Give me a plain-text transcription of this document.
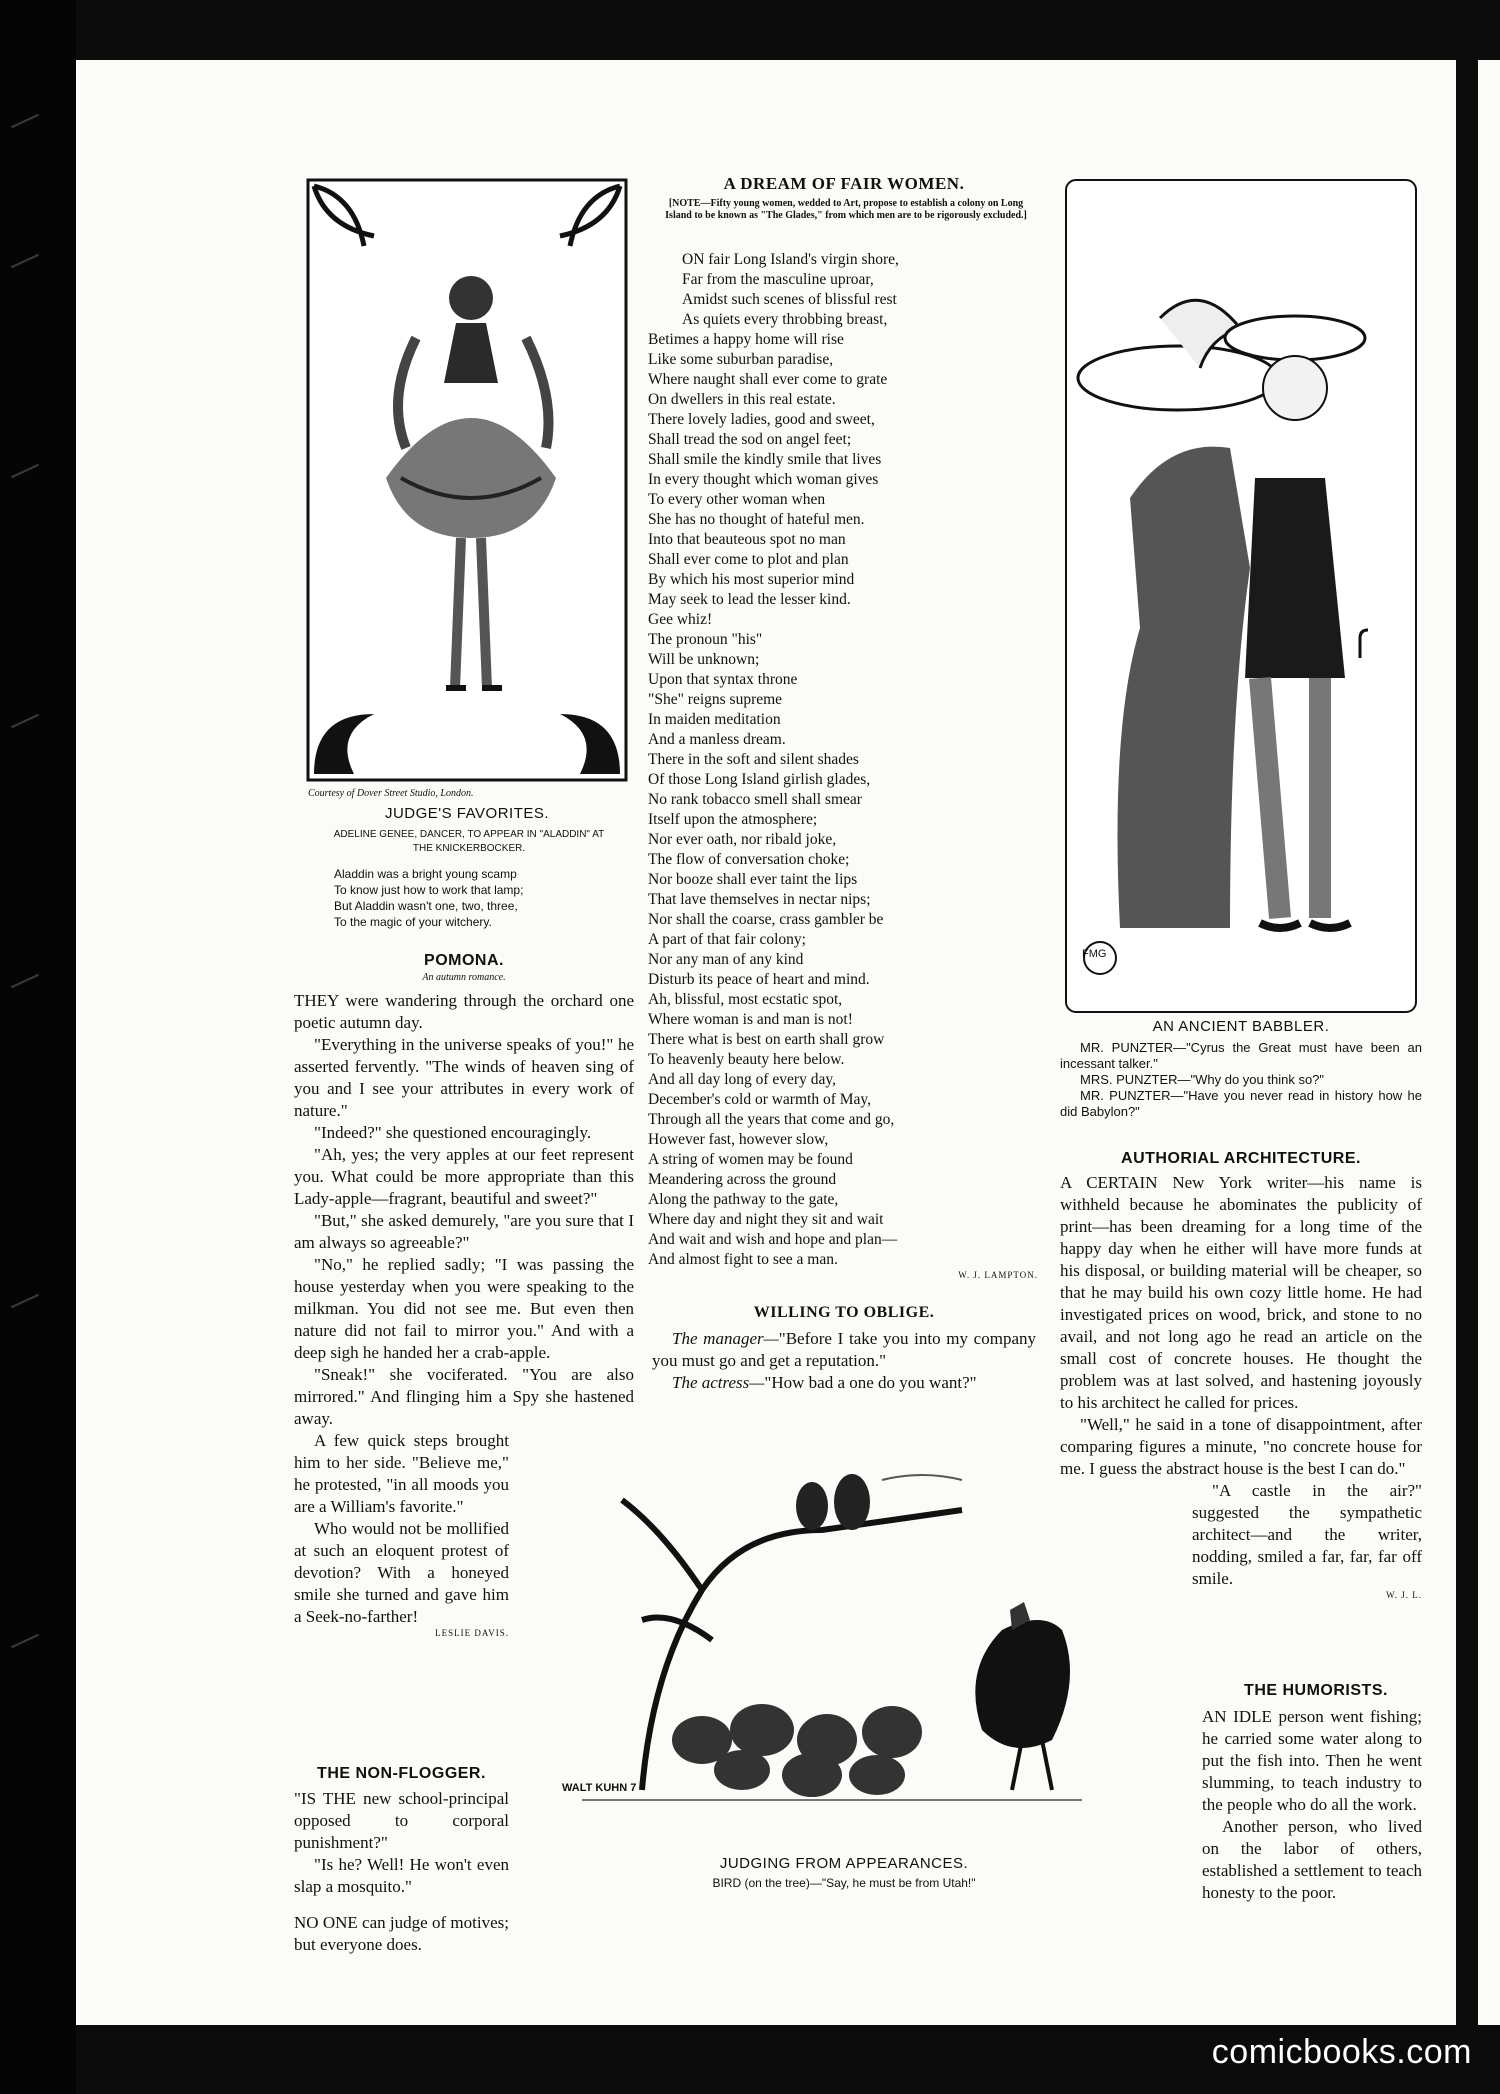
Courtesy of Dover Street Studio, London.

JUDGE'S FAVORITES.

ADELINE GENEE, DANCER, TO APPEAR IN "ALADDIN" AT THE KNICKERBOCKER.

Aladdin was a bright young scamp
To know just how to work that lamp;
But Aladdin wasn't one, two, three,
To the magic of your witchery.

POMONA.

An autumn romance.

THEY were wandering through the orchard one poetic autumn day.

"Everything in the universe speaks of you!" he asserted fervently. "The winds of heaven sing of you and I see your attributes in every work of nature."

"Indeed?" she questioned encouragingly.

"Ah, yes; the very apples at our feet represent you. What could be more appropriate than this Lady-apple—fragrant, beautiful and sweet?"

"But," she asked demurely, "are you sure that I am always so agreeable?"

"No," he replied sadly; "I was passing the house yesterday when you were speaking to the milkman. You did not see me. But even then nature did not fail to mirror you." And with a deep sigh he handed her a crab-apple.

"Sneak!" she vociferated. "You are also mirrored." And flinging him a Spy she hastened away.

A few quick steps brought him to her side. "Believe me," he protested, "in all moods you are a William's favorite."

Who would not be mollified at such an eloquent protest of devotion? With a honeyed smile she turned and gave him a Seek-no-farther!

LESLIE DAVIS.

THE NON-FLOGGER.

"IS THE new school-principal opposed to corporal punishment?"

"Is he? Well! He won't even slap a mosquito."

NO ONE can judge of motives; but everyone does.

A DREAM OF FAIR WOMEN.

[NOTE—Fifty young women, wedded to Art, propose to establish a colony on Long Island to be known as "The Glades," from which men are to be rigorously excluded.]

ON fair Long Island's virgin shore,

Far from the masculine uproar,

Amidst such scenes of blissful rest

As quiets every throbbing breast,

Betimes a happy home will rise

Like some suburban paradise,

Where naught shall ever come to grate

On dwellers in this real estate.

There lovely ladies, good and sweet,

Shall tread the sod on angel feet;

Shall smile the kindly smile that lives

In every thought which woman gives

To every other woman when

She has no thought of hateful men.

Into that beauteous spot no man

Shall ever come to plot and plan

By which his most superior mind

May seek to lead the lesser kind.

Gee whiz!

The pronoun "his"

Will be unknown;

Upon that syntax throne

"She" reigns supreme

In maiden meditation

And a manless dream.

There in the soft and silent shades

Of those Long Island girlish glades,

No rank tobacco smell shall smear

Itself upon the atmosphere;

Nor ever oath, nor ribald joke,

The flow of conversation choke;

Nor booze shall ever taint the lips

That lave themselves in nectar nips;

Nor shall the coarse, crass gambler be

A part of that fair colony;

Nor any man of any kind

Disturb its peace of heart and mind.

Ah, blissful, most ecstatic spot,

Where woman is and man is not!

There what is best on earth shall grow

To heavenly beauty here below.

And all day long of every day,

December's cold or warmth of May,

Through all the years that come and go,

However fast, however slow,

A string of women may be found

Meandering across the ground

Along the pathway to the gate,

Where day and night they sit and wait

And wait and wish and hope and plan—

And almost fight to see a man.

W. J. LAMPTON.

WILLING TO OBLIGE.

The manager—"Before I take you into my company you must go and get a reputation."

The actress—"How bad a one do you want?"

WALT KUHN 7

JUDGING FROM APPEARANCES.

BIRD (on the tree)—"Say, he must be from Utah!"

FMG

AN ANCIENT BABBLER.

MR. PUNZTER—"Cyrus the Great must have been an incessant talker."
MRS. PUNZTER—"Why do you think so?"
MR. PUNZTER—"Have you never read in history how he did Babylon?"

AUTHORIAL ARCHITECTURE.

A CERTAIN New York writer—his name is withheld because he abominates the publicity of print—has been dreaming for a long time of the happy day when he either will have more funds at his disposal, or building material will be cheaper, so that he may build his own cozy little home. He had investigated prices on wood, brick, and stone to no avail, and not long ago he read an article on the small cost of concrete houses. He thought the problem was at last solved, and hastening joyously to his architect he called for prices.

"Well," he said in a tone of disappointment, after comparing figures a minute, "no concrete house for me. I guess the abstract house is the best I can do."

"A castle in the air?" suggested the sympathetic architect—and the writer, nodding, smiled a far, far, far off smile.

W. J. L.

THE HUMORISTS.

AN IDLE person went fishing; he carried some water along to put the fish into. Then he went slumming, to teach industry to the people who do all the work.

Another person, who lived on the labor of others, established a settlement to teach honesty to the poor.

comicbooks.com
